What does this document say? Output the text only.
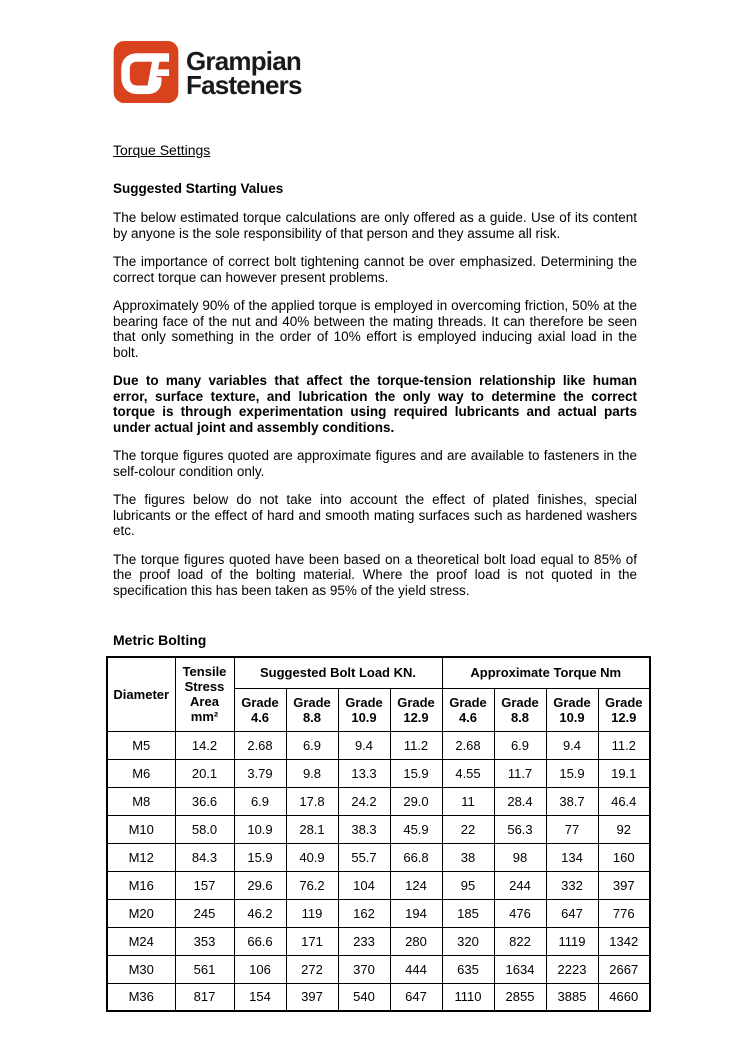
Grampian
Fasteners
Torque Settings
Suggested Starting Values

The below estimated torque calculations are only offered as a guide. Use of its content by anyone is the sole responsibility of that person and they assume all risk.

The importance of correct bolt tightening cannot be over emphasized. Determining the correct torque can however present problems.

Approximately 90% of the applied torque is employed in overcoming friction, 50% at the bearing face of the nut and 40% between the mating threads. It can therefore be seen that only something in the order of 10% effort is employed inducing axial load in the bolt.

Due to many variables that affect the torque-tension relationship like human error, surface texture, and lubrication the only way to determine the correct torque is through experimentation using required lubricants and actual parts under actual joint and assembly conditions.

The torque figures quoted are approximate figures and are available to fasteners in the self-colour condition only.

The figures below do not take into account the effect of plated finishes, special lubricants or the effect of hard and smooth mating surfaces such as hardened washers etc.

The torque figures quoted have been based on a theoretical bolt load equal to 85% of the proof load of the bolting material. Where the proof load is not quoted in the specification this has been taken as 95% of the yield stress.

Metric Bolting
Diameter	Tensile Stress Area mm²	Suggested Bolt Load KN.				Approximate Torque Nm			
		Grade 4.6	Grade 8.8	Grade 10.9	Grade 12.9	Grade 4.6	Grade 8.8	Grade 10.9	Grade 12.9
M5	14.2	2.68	6.9	9.4	11.2	2.68	6.9	9.4	11.2
M6	20.1	3.79	9.8	13.3	15.9	4.55	11.7	15.9	19.1
M8	36.6	6.9	17.8	24.2	29.0	11	28.4	38.7	46.4
M10	58.0	10.9	28.1	38.3	45.9	22	56.3	77	92
M12	84.3	15.9	40.9	55.7	66.8	38	98	134	160
M16	157	29.6	76.2	104	124	95	244	332	397
M20	245	46.2	119	162	194	185	476	647	776
M24	353	66.6	171	233	280	320	822	1119	1342
M30	561	106	272	370	444	635	1634	2223	2667
M36	817	154	397	540	647	1110	2855	3885	4660
